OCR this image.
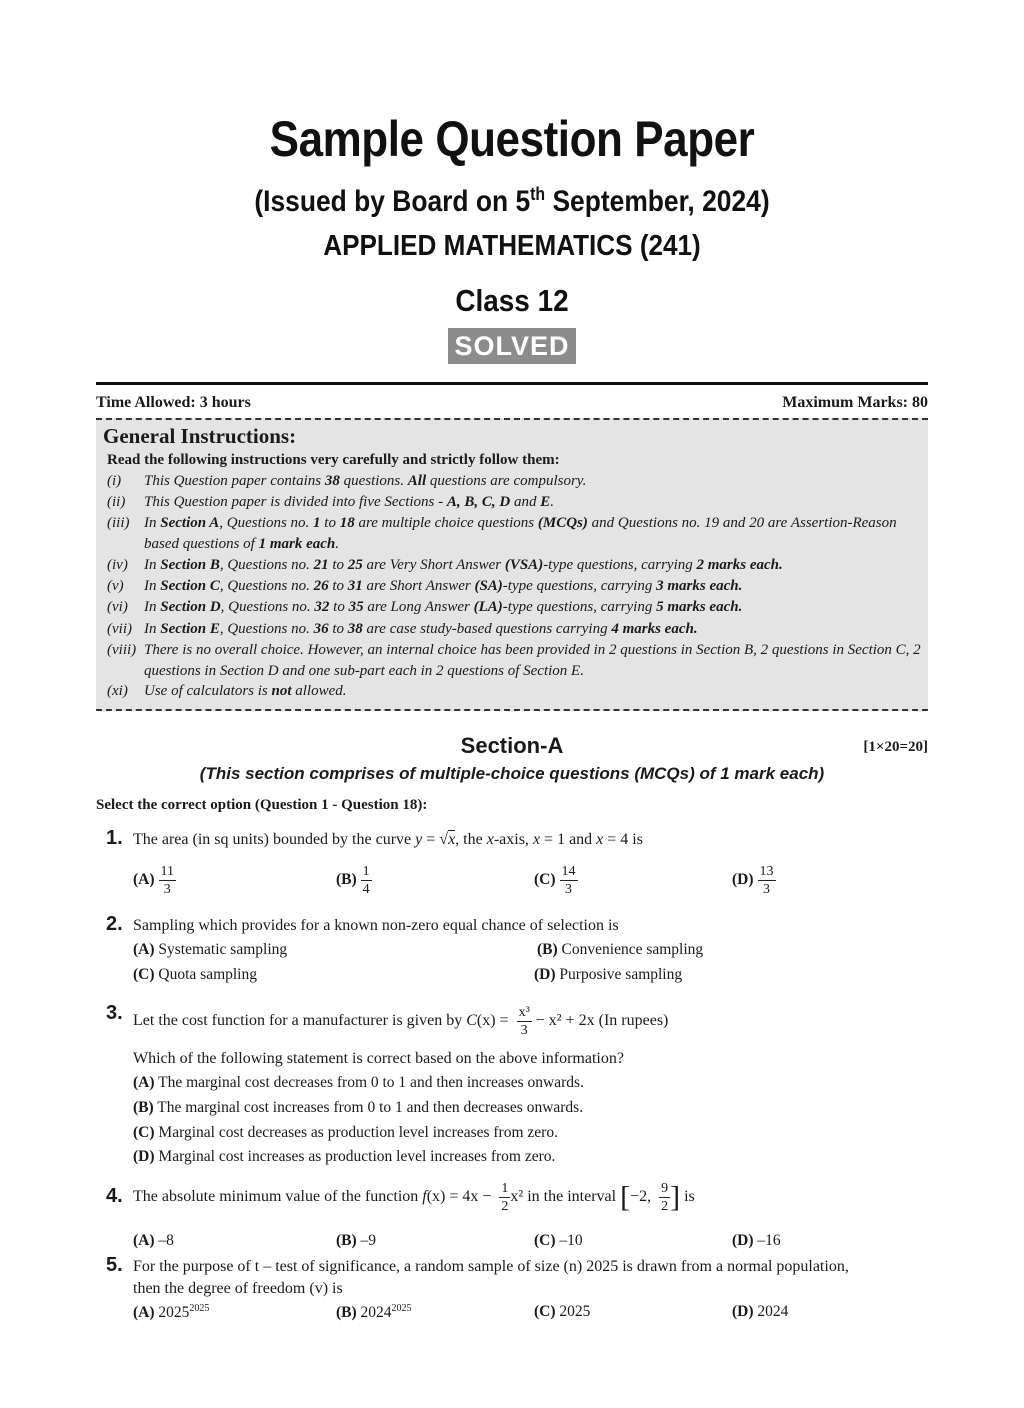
Sample Question Paper
(Issued by Board on 5th September, 2024)
APPLIED MATHEMATICS (241)
Class 12
SOLVED
Time Allowed: 3 hours	Maximum Marks: 80
General Instructions:
Read the following instructions very carefully and strictly follow them:
(i) This Question paper contains 38 questions. All questions are compulsory.
(ii) This Question paper is divided into five Sections - A, B, C, D and E.
(iii) In Section A, Questions no. 1 to 18 are multiple choice questions (MCQs) and Questions no. 19 and 20 are Assertion-Reason based questions of 1 mark each.
(iv) In Section B, Questions no. 21 to 25 are Very Short Answer (VSA)-type questions, carrying 2 marks each.
(v) In Section C, Questions no. 26 to 31 are Short Answer (SA)-type questions, carrying 3 marks each.
(vi) In Section D, Questions no. 32 to 35 are Long Answer (LA)-type questions, carrying 5 marks each.
(vii) In Section E, Questions no. 36 to 38 are case study-based questions carrying 4 marks each.
(viii) There is no overall choice. However, an internal choice has been provided in 2 questions in Section B, 2 questions in Section C, 2 questions in Section D and one sub-part each in 2 questions of Section E.
(xi) Use of calculators is not allowed.
Section-A	[1×20=20]
(This section comprises of multiple-choice questions (MCQs) of 1 mark each)
Select the correct option (Question 1 - Question 18):
1. The area (in sq units) bounded by the curve y = √x, the x-axis, x = 1 and x = 4 is
$(A) \frac{11}{3}$	$(B) \frac{1}{4}$	$(C) \frac{14}{3}$	$(D) \frac{13}{3}$
2. Sampling which provides for a known non-zero equal chance of selection is
(A) Systematic sampling	(B) Convenience sampling
(C) Quota sampling	(D) Purposive sampling
3. Let the cost function for a manufacturer is given by $C(x) = \frac{\text{x³}}{3} - x^2 + 2x$ (In rupees)
Which of the following statement is correct based on the above information?
(A) The marginal cost decreases from 0 to 1 and then increases onwards.
(B) The marginal cost increases from 0 to 1 and then decreases onwards.
(C) Marginal cost decreases as production level increases from zero.
(D) Marginal cost increases as production level increases from zero.
4. The absolute minimum value of the function $f(x) = 4x - \frac{1}{2} x^2$ in the interval [−2, $\frac{9}{2}$ ] is
(A) –8	(B) –9	(C) –10	(D) –16
5. For the purpose of t – test of significance, a random sample of size (n) 2025 is drawn from a normal population,
then the degree of freedom (v) is
(A) $2025^{2025}$	(B) $2024^{2025}$	(C) 2025	(D) 2024
